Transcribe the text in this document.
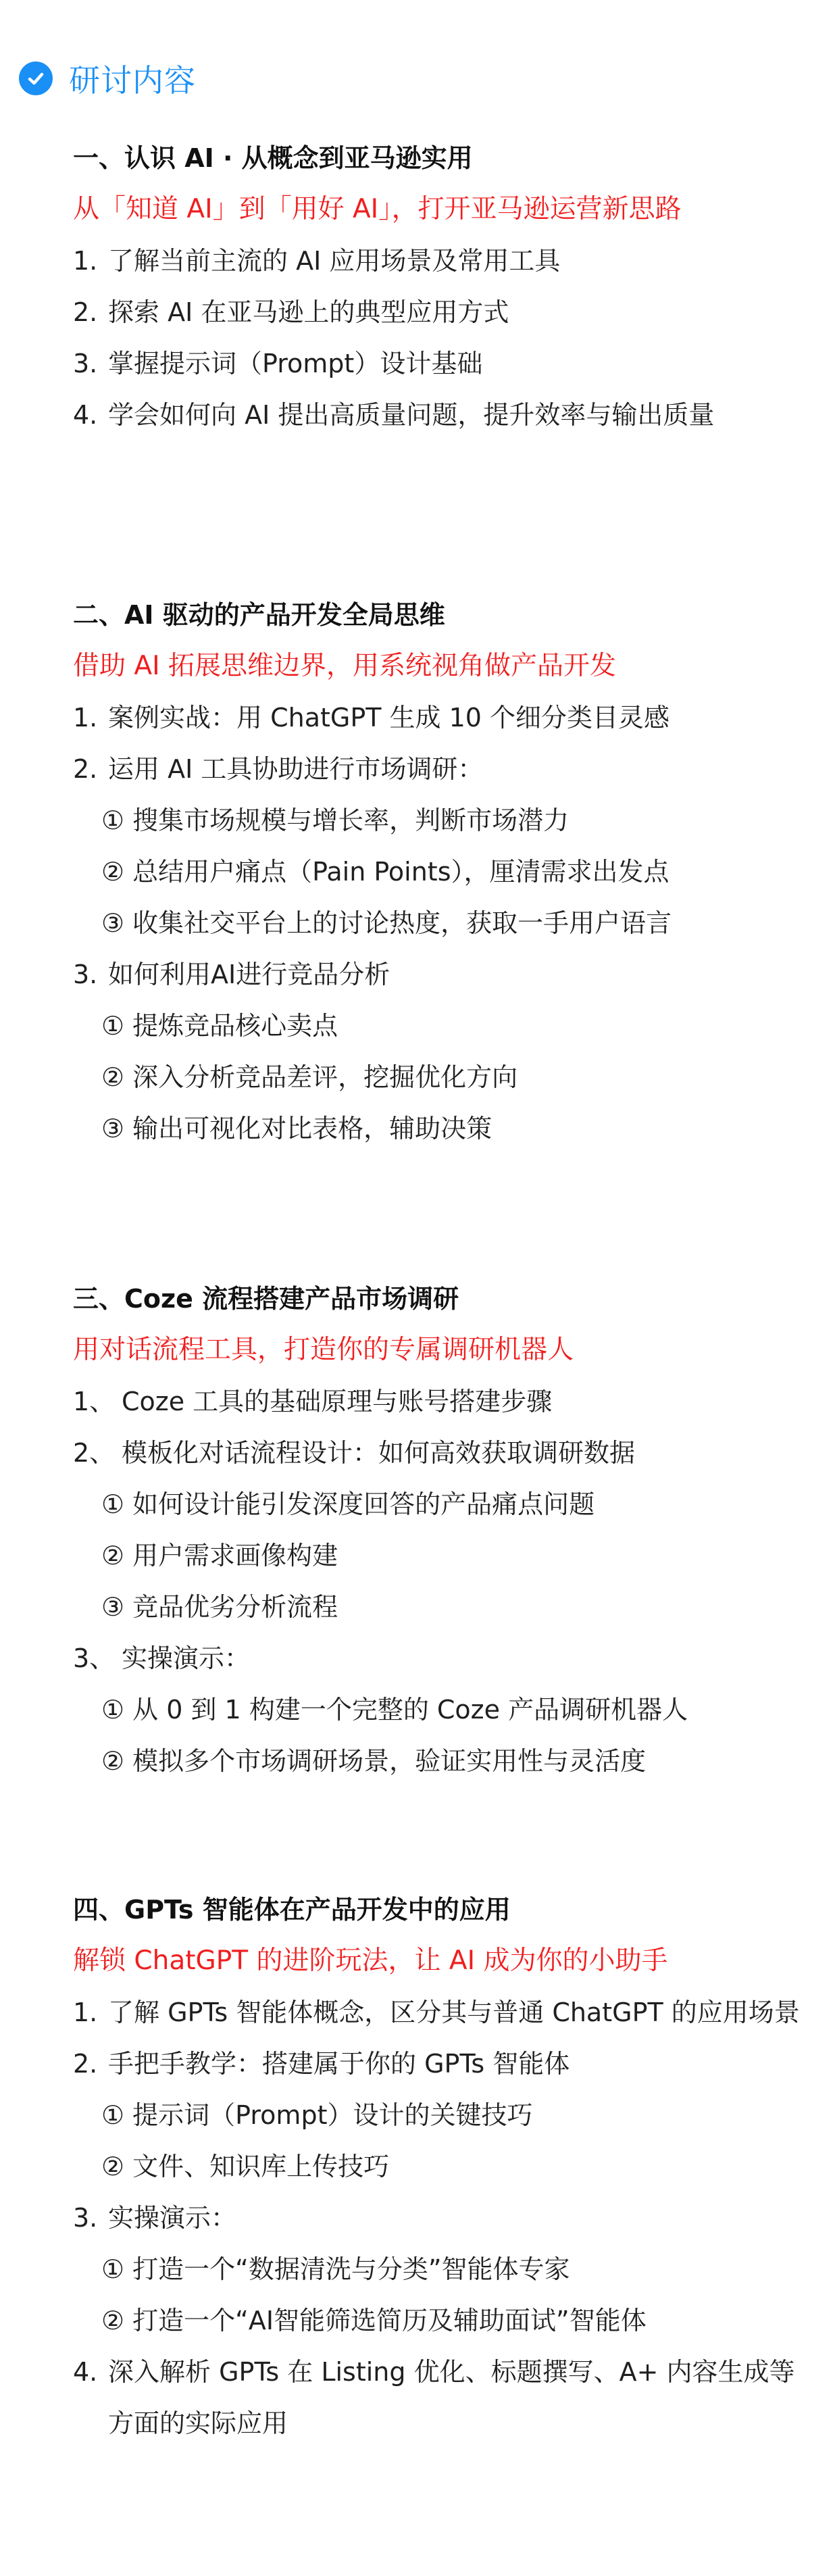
研讨内容
一、认识 AI · 从概念到亚马逊实用
从「知道 AI」到「用好 AI」，打开亚马逊运营新思路
1. 了解当前主流的 AI 应用场景及常用工具
2. 探索 AI 在亚马逊上的典型应用方式
3. 掌握提示词（Prompt）设计基础
4. 学会如何向 AI 提出高质量问题，提升效率与输出质量
二、AI 驱动的产品开发全局思维
借助 AI 拓展思维边界，用系统视角做产品开发
1. 案例实战：用 ChatGPT 生成 10 个细分类目灵感
2. 运用 AI 工具协助进行市场调研：
① 搜集市场规模与增长率，判断市场潜力
② 总结用户痛点（Pain Points），厘清需求出发点
③ 收集社交平台上的讨论热度，获取一手用户语言
3. 如何利用AI进行竞品分析
① 提炼竞品核心卖点
② 深入分析竞品差评，挖掘优化方向
③ 输出可视化对比表格，辅助决策
三、Coze 流程搭建产品市场调研
用对话流程工具，打造你的专属调研机器人
1、 Coze 工具的基础原理与账号搭建步骤
2、 模板化对话流程设计：如何高效获取调研数据
① 如何设计能引发深度回答的产品痛点问题
② 用户需求画像构建
③ 竞品优劣分析流程
3、 实操演示：
① 从 0 到 1 构建一个完整的 Coze 产品调研机器人
② 模拟多个市场调研场景，验证实用性与灵活度
四、GPTs 智能体在产品开发中的应用
解锁 ChatGPT 的进阶玩法，让 AI 成为你的小助手
1. 了解 GPTs 智能体概念，区分其与普通 ChatGPT 的应用场景
2. 手把手教学：搭建属于你的 GPTs 智能体
① 提示词（Prompt）设计的关键技巧
② 文件、知识库上传技巧
3. 实操演示：
① 打造一个“数据清洗与分类”智能体专家
② 打造一个“AI智能筛选简历及辅助面试”智能体
4. 深入解析 GPTs 在 Listing 优化、标题撰写、A+ 内容生成等方面的实际应用
